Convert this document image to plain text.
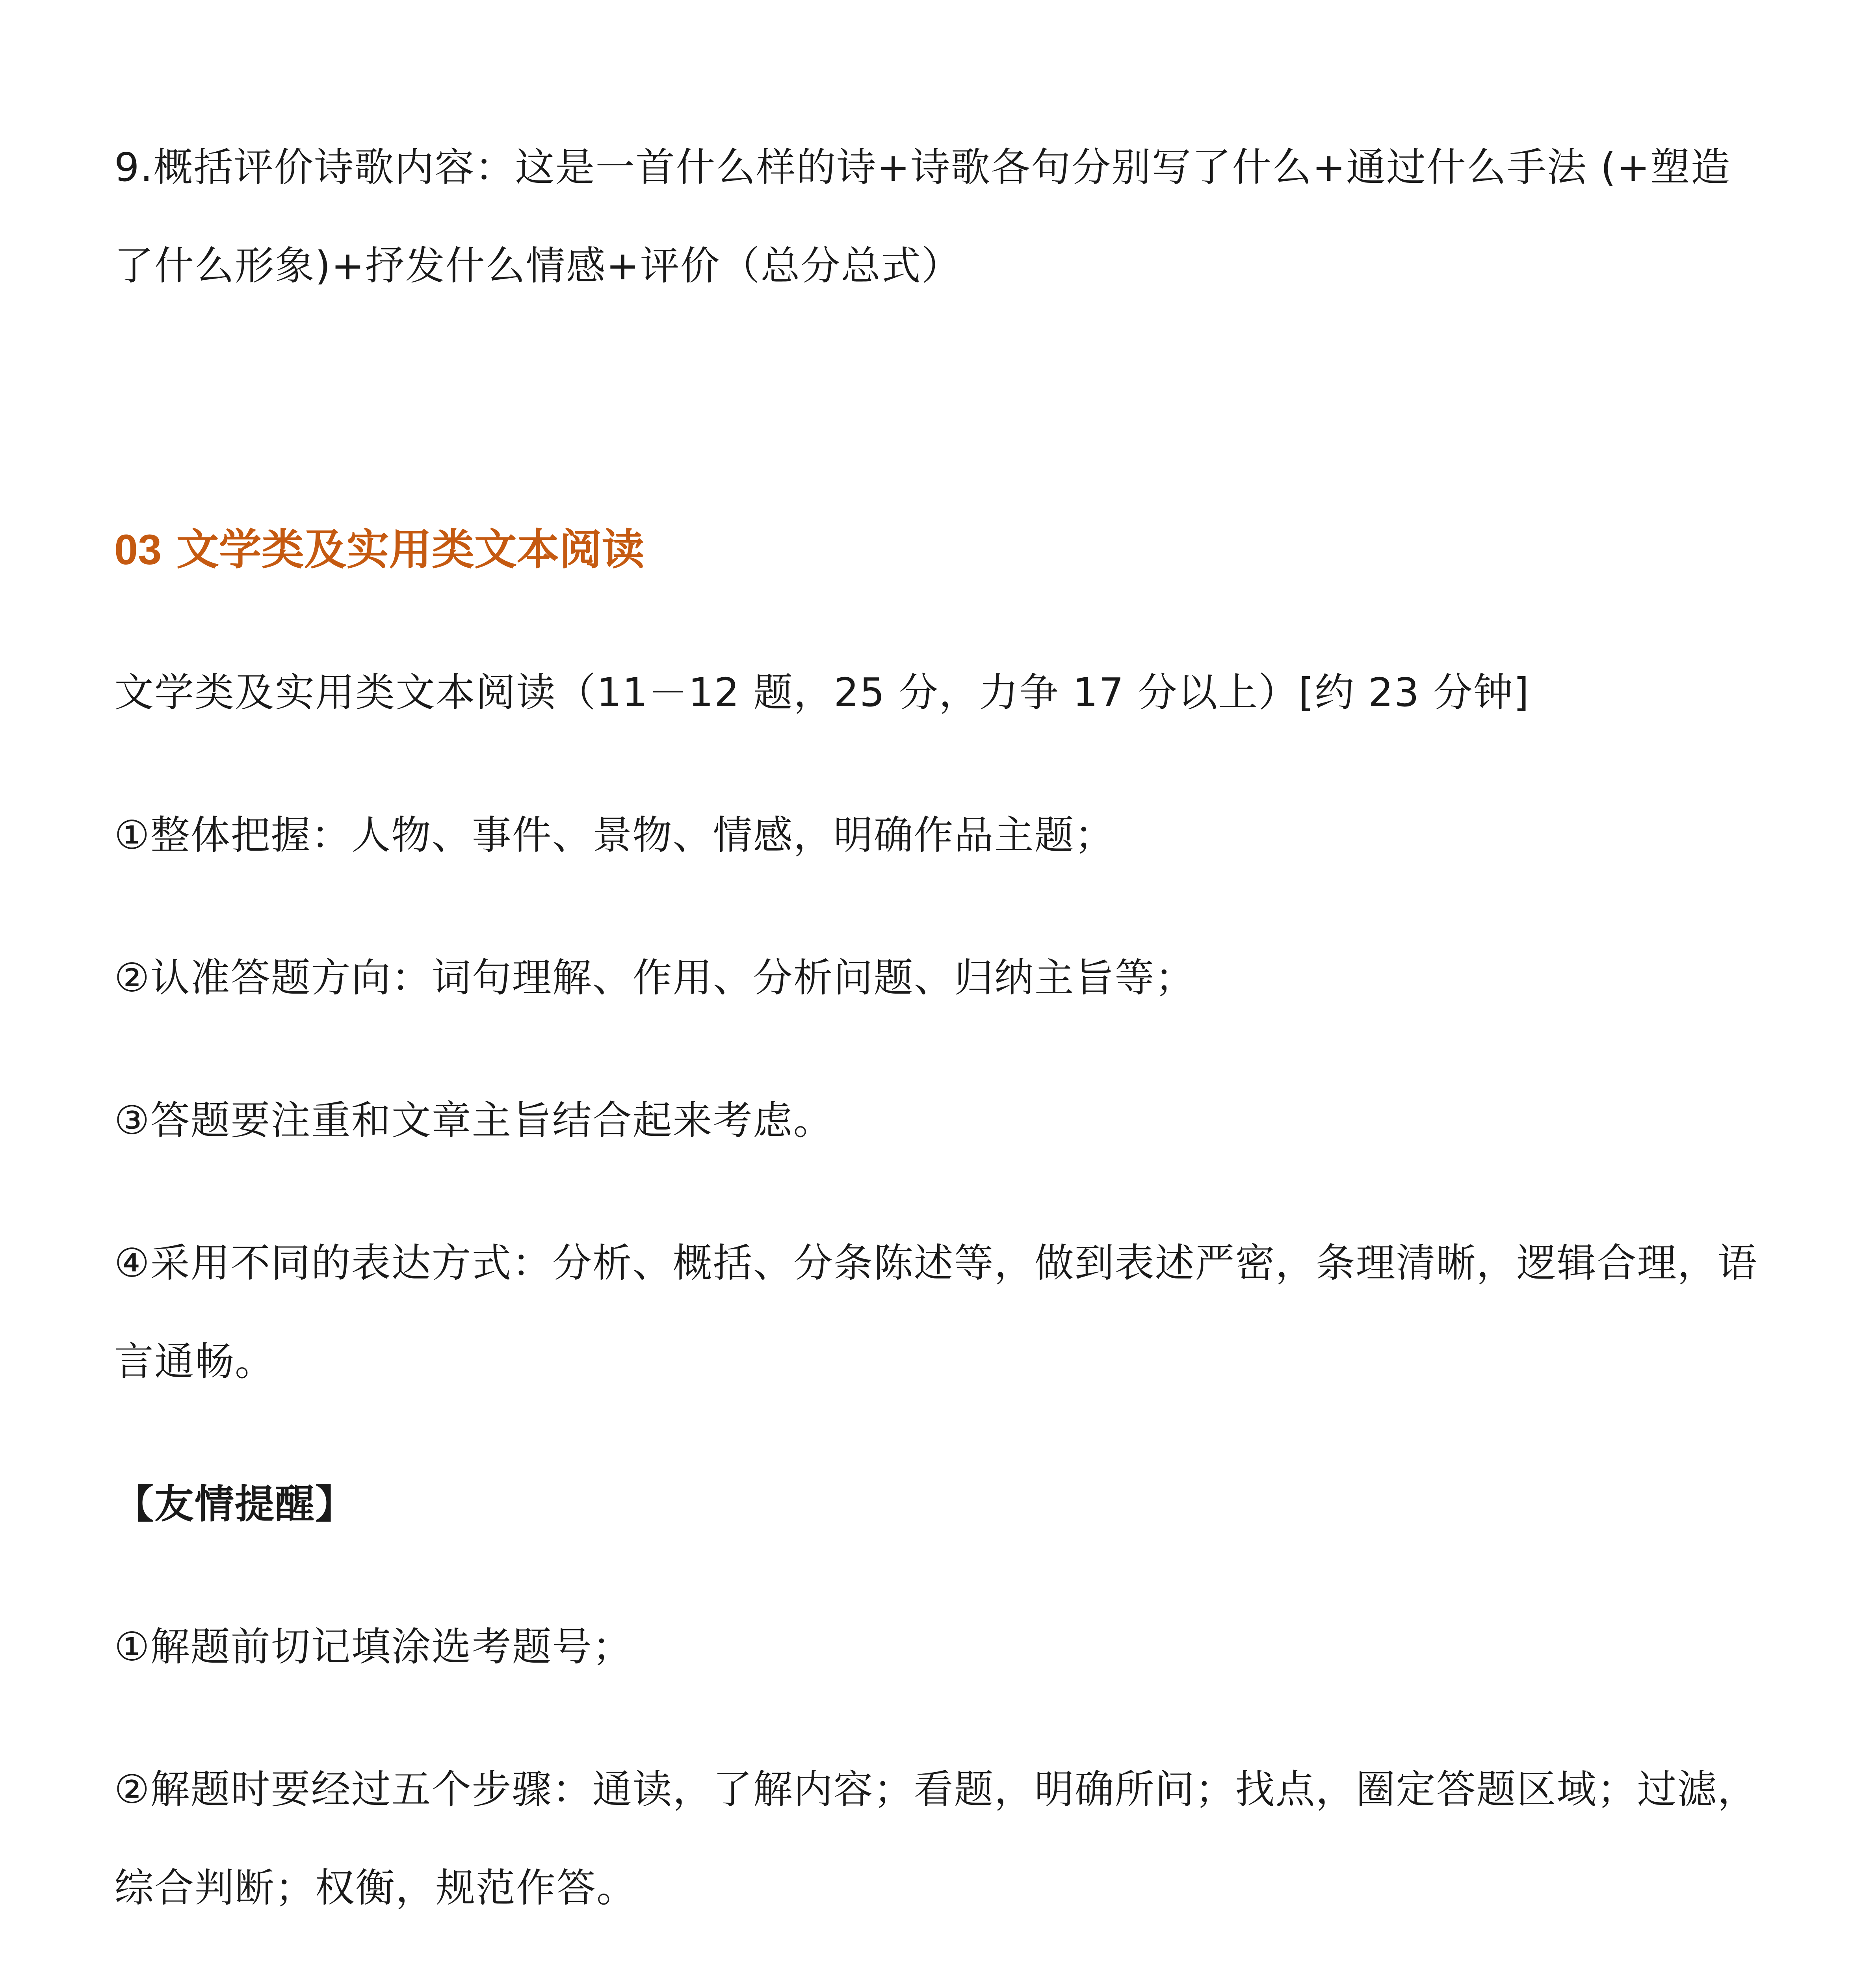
9.概括评价诗歌内容：这是一首什么样的诗+诗歌各句分别写了什么+通过什么手法 (+塑造了什么形象)+抒发什么情感+评价（总分总式）

03 文学类及实用类文本阅读

文学类及实用类文本阅读（11－12 题，25 分，力争 17 分以上）[约 23 分钟]

①整体把握：人物、事件、景物、情感，明确作品主题；

②认准答题方向：词句理解、作用、分析问题、归纳主旨等；

③答题要注重和文章主旨结合起来考虑。

④采用不同的表达方式：分析、概括、分条陈述等，做到表述严密，条理清晰，逻辑合理，语言通畅。

【友情提醒】

①解题前切记填涂选考题号；

②解题时要经过五个步骤：通读，了解内容；看题，明确所问；找点，圈定答题区域；过滤，综合判断；权衡，规范作答。
